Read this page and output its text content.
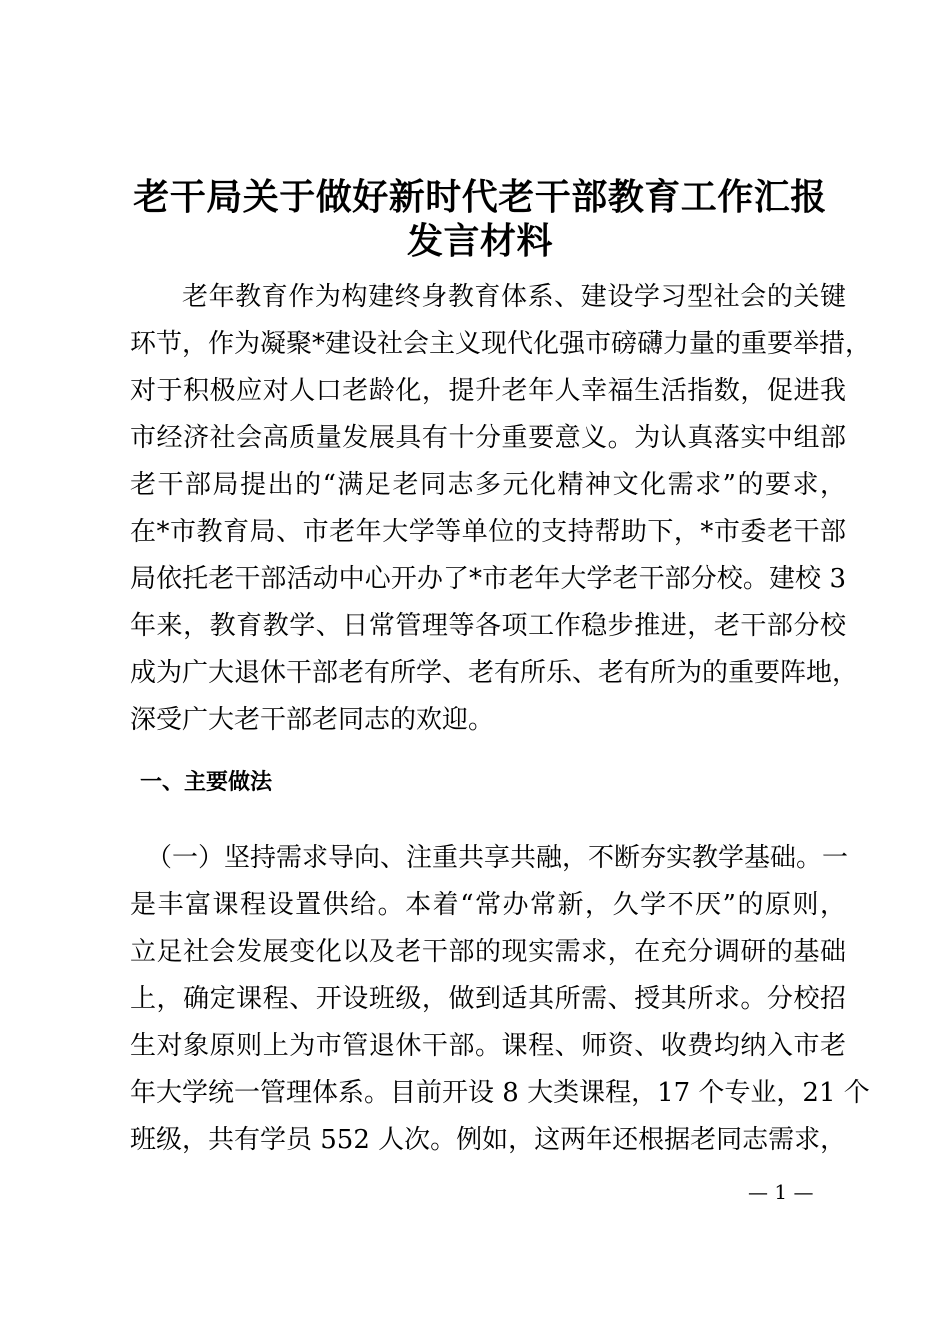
老干局关于做好新时代老干部教育工作汇报发言材料
老年教育作为构建终身教育体系、建设学习型社会的关键
环节，作为凝聚*建设社会主义现代化强市磅礴力量的重要举措，
对于积极应对人口老龄化，提升老年人幸福生活指数，促进我
市经济社会高质量发展具有十分重要意义。为认真落实中组部
老干部局提出的“满足老同志多元化精神文化需求”的要求，
在*市教育局、市老年大学等单位的支持帮助下，*市委老干部
局依托老干部活动中心开办了*市老年大学老干部分校。建校 3
年来，教育教学、日常管理等各项工作稳步推进，老干部分校
成为广大退休干部老有所学、老有所乐、老有所为的重要阵地，
深受广大老干部老同志的欢迎。
一、主要做法
（一）坚持需求导向、注重共享共融，不断夯实教学基础。一
是丰富课程设置供给。本着“常办常新，久学不厌”的原则，
立足社会发展变化以及老干部的现实需求，在充分调研的基础
上，确定课程、开设班级，做到适其所需、授其所求。分校招
生对象原则上为市管退休干部。课程、师资、收费均纳入市老
年大学统一管理体系。目前开设 8 大类课程，17 个专业，21 个
班级，共有学员 552 人次。例如，这两年还根据老同志需求，
— 1 —
